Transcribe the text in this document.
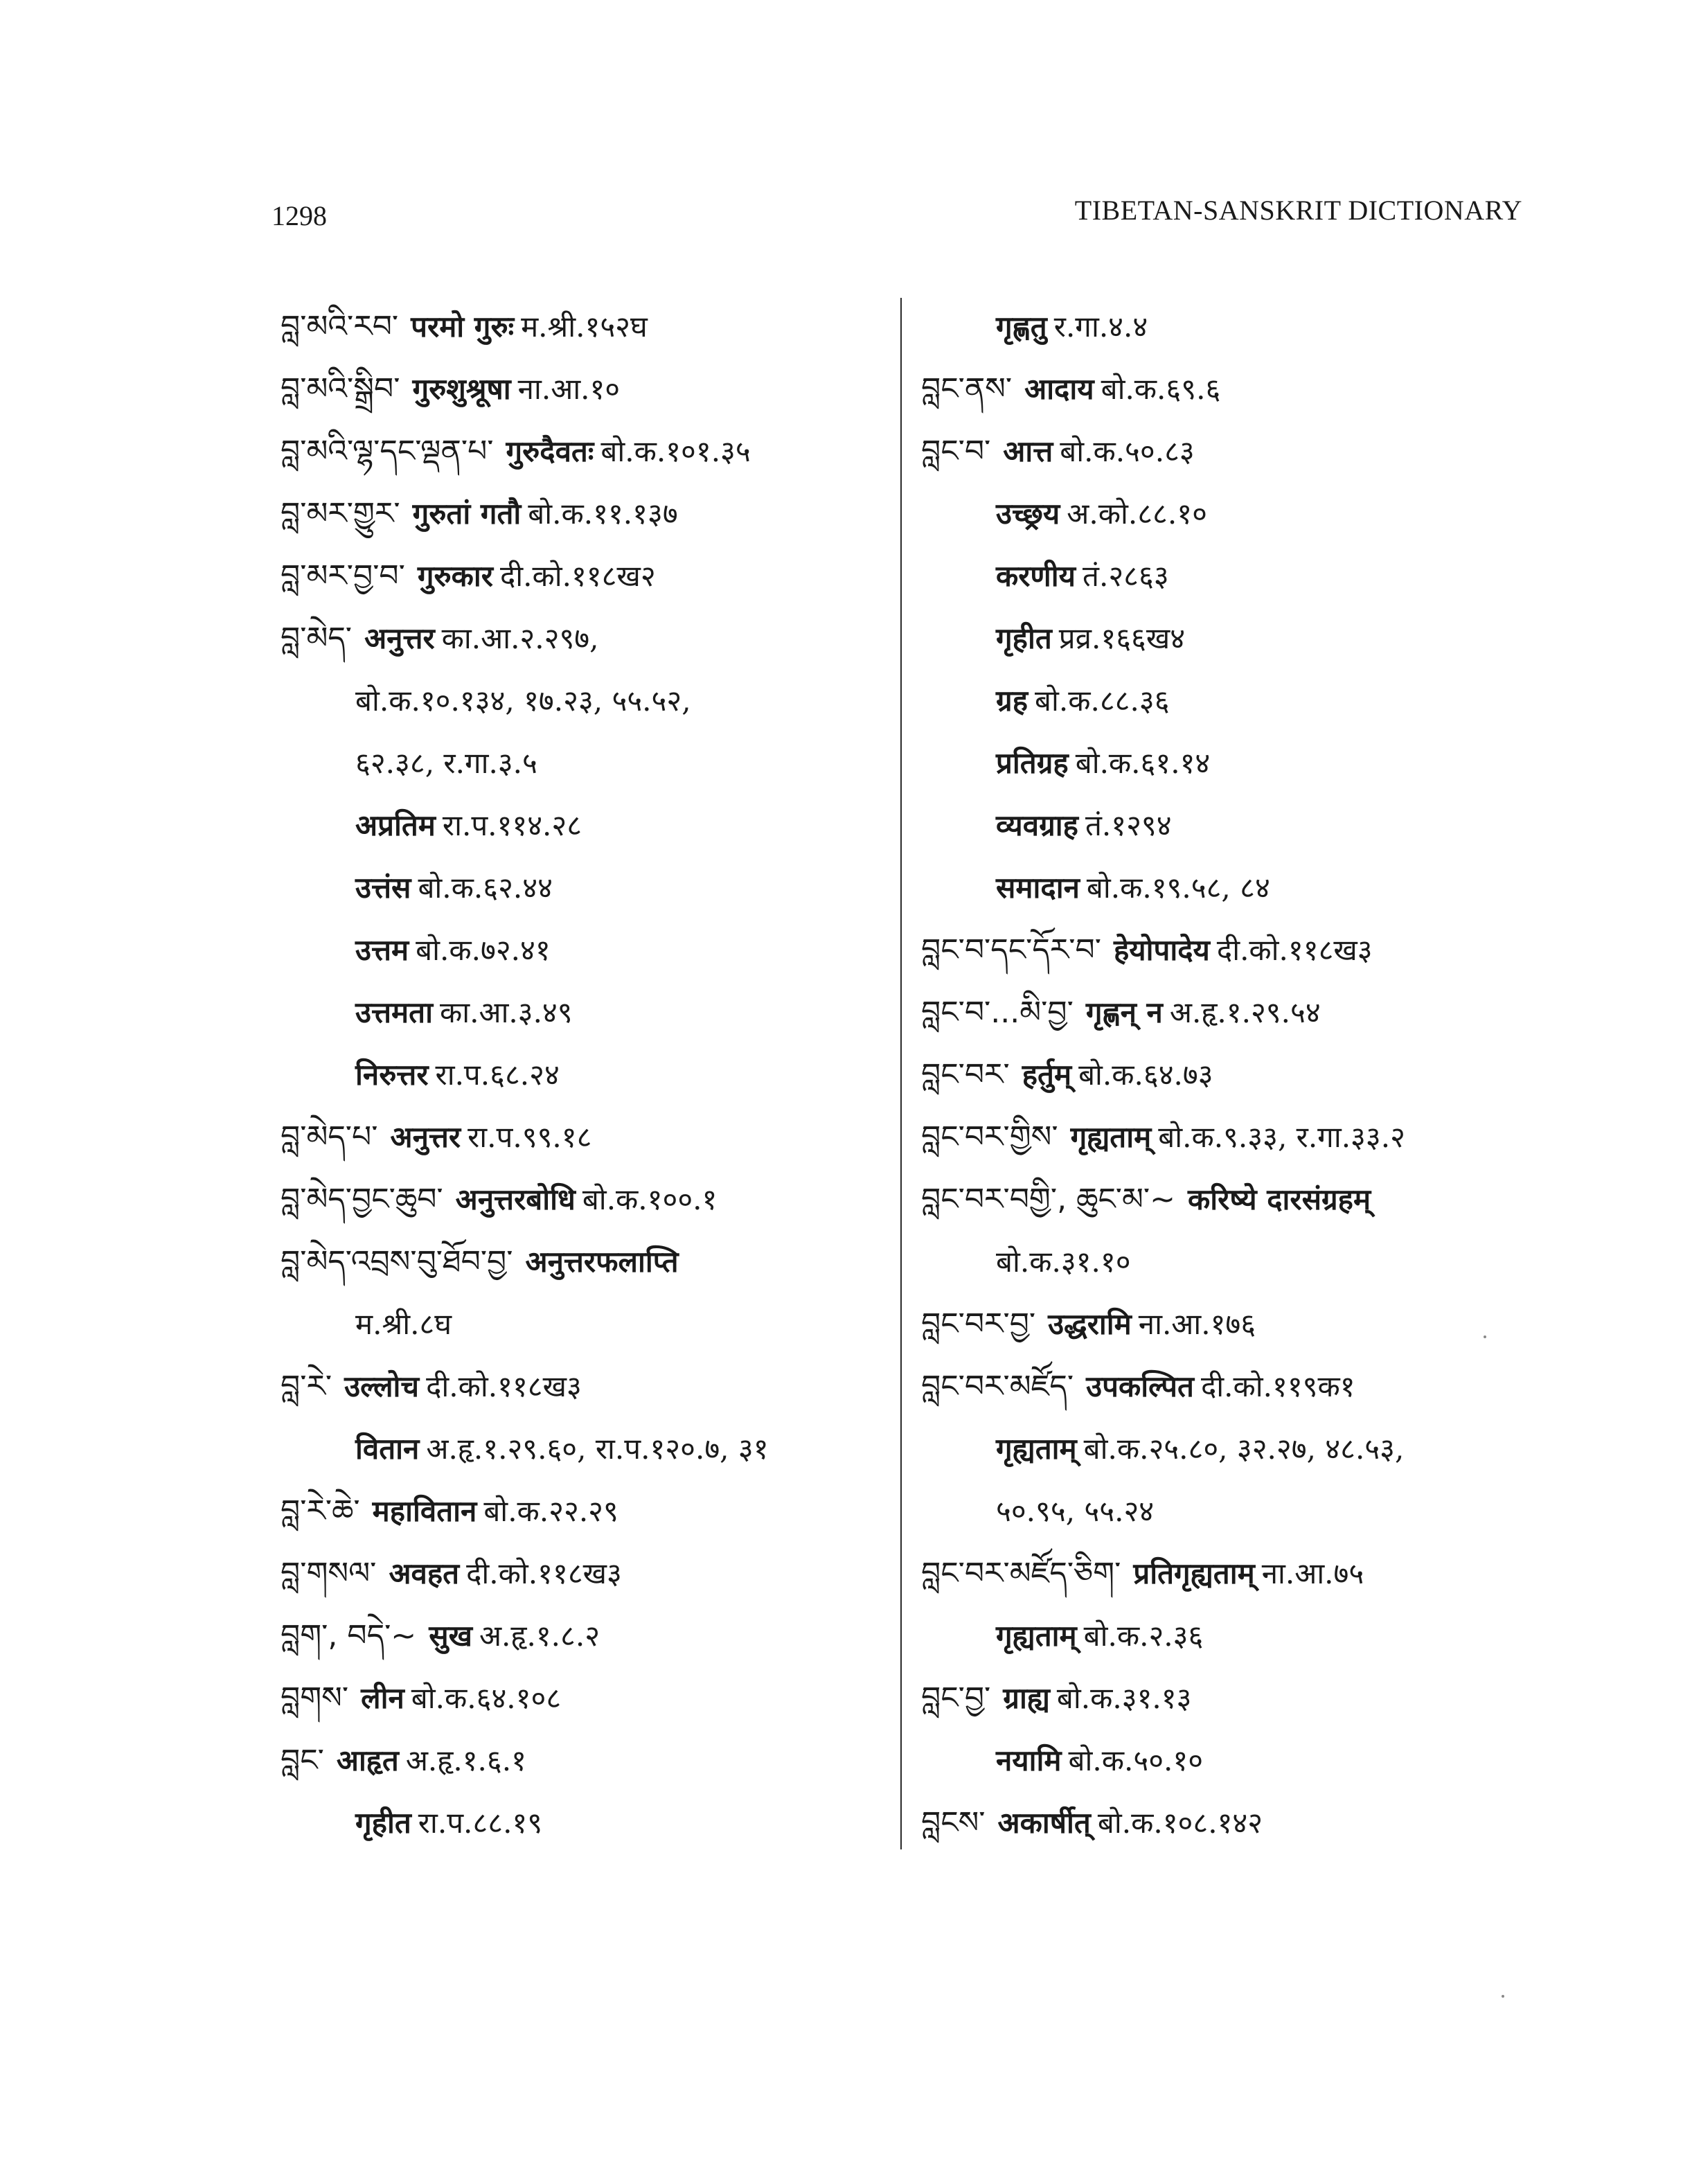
1298	TIBETAN-SANSKRIT DICTIONARY
བླ་མའི་རབ་ परमो गुरुः म.श्री.१५२घ
བླ་མའི་སྒྲིབ་ गुरुशुश्रूषा ना.आ.१०
བླ་མའི་ལྷ་དང་ལྡན་པ་ गुरुदैवतः बो.क.१०१.३५
བླ་མར་གྱུར་ गुरुतां गतौ बो.क.११.१३७
བླ་མར་བྱ་བ་ गुरुकार दी.को.११८ख२
བླ་མེད་ अनुत्तर का.आ.२.२९७,
बो.क.१०.१३४, १७.२३, ५५.५२,
६२.३८, र.गा.३.५
अप्रतिम रा.प.११४.२८
उत्तंस बो.क.६२.४४
उत्तम बो.क.७२.४१
उत्तमता का.आ.३.४९
निरुत्तर रा.प.६८.२४
བླ་མེད་པ་ अनुत्तर रा.प.९९.१८
བླ་མེད་བྱང་ཆུབ་ अनुत्तरबोधि बो.क.१००.१
བླ་མེད་འབྲས་བུ་ཐོབ་བྱ་ अनुत्तरफलाप्ति
म.श्री.८घ
བླ་རེ་ उल्लोच दी.को.११८ख३
वितान अ.हृ.१.२९.६०, रा.प.१२०.७, ३१
བླ་རེ་ཆེ་ महावितान बो.क.२२.२९
བླ་གསལ་ अवहत दी.को.११८ख३
བླག་, བདེ་~ सुख अ.हृ.१.८.२
བླགས་ लीन बो.क.६४.१०८
བླང་ आहृत अ.हृ.१.६.१
गृहीत रा.प.८८.१९
गृह्णतु र.गा.४.४
བླང་ནས་ आदाय बो.क.६९.६
བླང་བ་ आत्त बो.क.५०.८३
उच्छ्रय अ.को.८८.१०
करणीय तं.२८६३
गृहीत प्रव्र.१६६ख४
ग्रह बो.क.८८.३६
प्रतिग्रह बो.क.६१.१४
व्यवग्राह तं.१२९४
समादान बो.क.१९.५८, ८४
བླང་བ་དང་དོར་བ་ हेयोपादेय दी.को.११८ख३
བླང་བ་...མི་བྱ་ गृह्णन् न अ.हृ.१.२९.५४
བླང་བར་ हर्तुम् बो.क.६४.७३
བླང་བར་གྱིས་ गृह्यताम् बो.क.९.३३, र.गा.३३.२
བླང་བར་བགྱི་, ཆུང་མ་~ करिष्ये दारसंग्रहम्
बो.क.३१.१०
བླང་བར་བྱ་ उद्धरामि ना.आ.१७६
བླང་བར་མཛོད་ उपकल्पित दी.को.११९क१
गृह्यताम् बो.क.२५.८०, ३२.२७, ४८.५३,
५०.९५, ५५.२४
བླང་བར་མཛོད་ཅིག་ प्रतिगृह्यताम् ना.आ.७५
गृह्यताम् बो.क.२.३६
བླང་བྱ་ ग्राह्य बो.क.३१.१३
नयामि बो.क.५०.१०
བླངས་ अकार्षीत् बो.क.१०८.१४२
